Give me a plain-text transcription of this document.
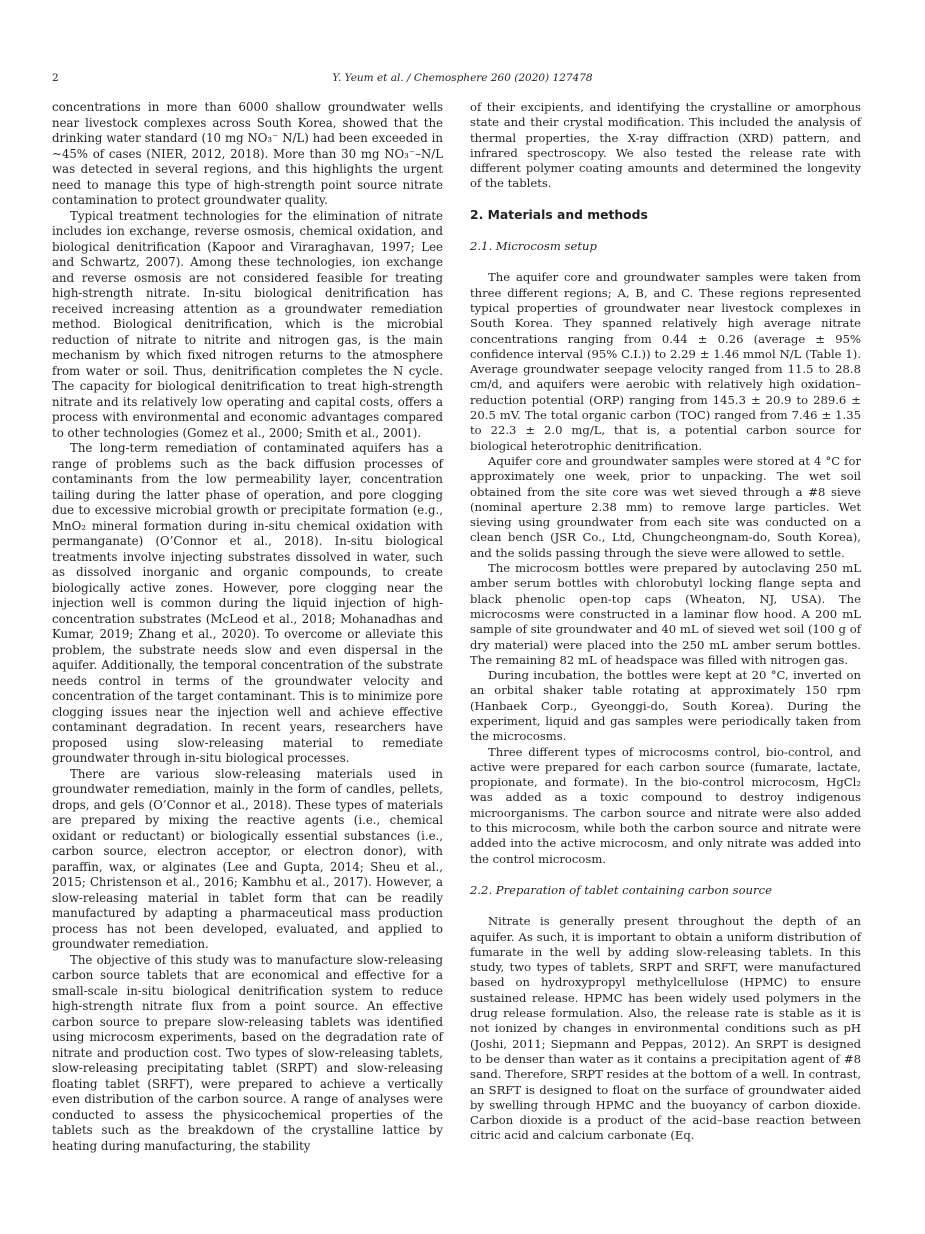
2	Y. Yeum et al. / Chemosphere 260 (2020) 127478

concentrations in more than 6000 shallow groundwater wells near livestock complexes across South Korea, showed that the drinking water standard (10 mg NO₃⁻ N/L) had been exceeded in ~45% of cases (NIER, 2012, 2018). More than 30 mg NO₃⁻–N/L was detected in several regions, and this highlights the urgent need to manage this type of high-strength point source nitrate contamination to protect groundwater quality.

Typical treatment technologies for the elimination of nitrate includes ion exchange, reverse osmosis, chemical oxidation, and biological denitrification (Kapoor and Viraraghavan, 1997; Lee and Schwartz, 2007). Among these technologies, ion exchange and reverse osmosis are not considered feasible for treating high-strength nitrate. In-situ biological denitrification has received increasing attention as a groundwater remediation method. Biological denitrification, which is the microbial reduction of nitrate to nitrite and nitrogen gas, is the main mechanism by which fixed nitrogen returns to the atmosphere from water or soil. Thus, denitrification completes the N cycle. The capacity for biological denitrification to treat high-strength nitrate and its relatively low operating and capital costs, offers a process with environmental and economic advantages compared to other technologies (Gomez et al., 2000; Smith et al., 2001).

The long-term remediation of contaminated aquifers has a range of problems such as the back diffusion processes of contaminants from the low permeability layer, concentration tailing during the latter phase of operation, and pore clogging due to excessive microbial growth or precipitate formation (e.g., MnO₂ mineral formation during in-situ chemical oxidation with permanganate) (O’Connor et al., 2018). In-situ biological treatments involve injecting substrates dissolved in water, such as dissolved inorganic and organic compounds, to create biologically active zones. However, pore clogging near the injection well is common during the liquid injection of high-concentration substrates (McLeod et al., 2018; Mohanadhas and Kumar, 2019; Zhang et al., 2020). To overcome or alleviate this problem, the substrate needs slow and even dispersal in the aquifer. Additionally, the temporal concentration of the substrate needs control in terms of the groundwater velocity and concentration of the target contaminant. This is to minimize pore clogging issues near the injection well and achieve effective contaminant degradation. In recent years, researchers have proposed using slow-releasing material to remediate groundwater through in-situ biological processes.

There are various slow-releasing materials used in groundwater remediation, mainly in the form of candles, pellets, drops, and gels (O’Connor et al., 2018). These types of materials are prepared by mixing the reactive agents (i.e., chemical oxidant or reductant) or biologically essential substances (i.e., carbon source, electron acceptor, or electron donor), with paraffin, wax, or alginates (Lee and Gupta, 2014; Sheu et al., 2015; Christenson et al., 2016; Kambhu et al., 2017). However, a slow-releasing material in tablet form that can be readily manufactured by adapting a pharmaceutical mass production process has not been developed, evaluated, and applied to groundwater remediation.

The objective of this study was to manufacture slow-releasing carbon source tablets that are economical and effective for a small-scale in-situ biological denitrification system to reduce high-strength nitrate flux from a point source. An effective carbon source to prepare slow-releasing tablets was identified using microcosm experiments, based on the degradation rate of nitrate and production cost. Two types of slow-releasing tablets, slow-releasing precipitating tablet (SRPT) and slow-releasing floating tablet (SRFT), were prepared to achieve a vertically even distribution of the carbon source. A range of analyses were conducted to assess the physicochemical properties of the tablets such as the breakdown of the crystalline lattice by heating during manufacturing, the stability

of their excipients, and identifying the crystalline or amorphous state and their crystal modification. This included the analysis of thermal properties, the X-ray diffraction (XRD) pattern, and infrared spectroscopy. We also tested the release rate with different polymer coating amounts and determined the longevity of the tablets.

2. Materials and methods
2.1. Microcosm setup

The aquifer core and groundwater samples were taken from three different regions; A, B, and C. These regions represented typical properties of groundwater near livestock complexes in South Korea. They spanned relatively high average nitrate concentrations ranging from 0.44 ± 0.26 (average ± 95% confidence interval (95% C.I.)) to 2.29 ± 1.46 mmol N/L (Table 1). Average groundwater seepage velocity ranged from 11.5 to 28.8 cm/d, and aquifers were aerobic with relatively high oxidation–reduction potential (ORP) ranging from 145.3 ± 20.9 to 289.6 ± 20.5 mV. The total organic carbon (TOC) ranged from 7.46 ± 1.35 to 22.3 ± 2.0 mg/L, that is, a potential carbon source for biological heterotrophic denitrification.

Aquifer core and groundwater samples were stored at 4 °C for approximately one week, prior to unpacking. The wet soil obtained from the site core was wet sieved through a #8 sieve (nominal aperture 2.38 mm) to remove large particles. Wet sieving using groundwater from each site was conducted on a clean bench (JSR Co., Ltd, Chungcheongnam-do, South Korea), and the solids passing through the sieve were allowed to settle.

The microcosm bottles were prepared by autoclaving 250 mL amber serum bottles with chlorobutyl locking flange septa and black phenolic open-top caps (Wheaton, NJ, USA). The microcosms were constructed in a laminar flow hood. A 200 mL sample of site groundwater and 40 mL of sieved wet soil (100 g of dry material) were placed into the 250 mL amber serum bottles. The remaining 82 mL of headspace was filled with nitrogen gas.

During incubation, the bottles were kept at 20 °C, inverted on an orbital shaker table rotating at approximately 150 rpm (Hanbaek Corp., Gyeonggi-do, South Korea). During the experiment, liquid and gas samples were periodically taken from the microcosms.

Three different types of microcosms control, bio-control, and active were prepared for each carbon source (fumarate, lactate, propionate, and formate). In the bio-control microcosm, HgCl₂ was added as a toxic compound to destroy indigenous microorganisms. The carbon source and nitrate were also added to this microcosm, while both the carbon source and nitrate were added into the active microcosm, and only nitrate was added into the control microcosm.

2.2. Preparation of tablet containing carbon source

Nitrate is generally present throughout the depth of an aquifer. As such, it is important to obtain a uniform distribution of fumarate in the well by adding slow-releasing tablets. In this study, two types of tablets, SRPT and SRFT, were manufactured based on hydroxypropyl methylcellulose (HPMC) to ensure sustained release. HPMC has been widely used polymers in the drug release formulation. Also, the release rate is stable as it is not ionized by changes in environmental conditions such as pH (Joshi, 2011; Siepmann and Peppas, 2012). An SRPT is designed to be denser than water as it contains a precipitation agent of #8 sand. Therefore, SRPT resides at the bottom of a well. In contrast, an SRFT is designed to float on the surface of groundwater aided by swelling through HPMC and the buoyancy of carbon dioxide. Carbon dioxide is a product of the acid–base reaction between citric acid and calcium carbonate (Eq.
